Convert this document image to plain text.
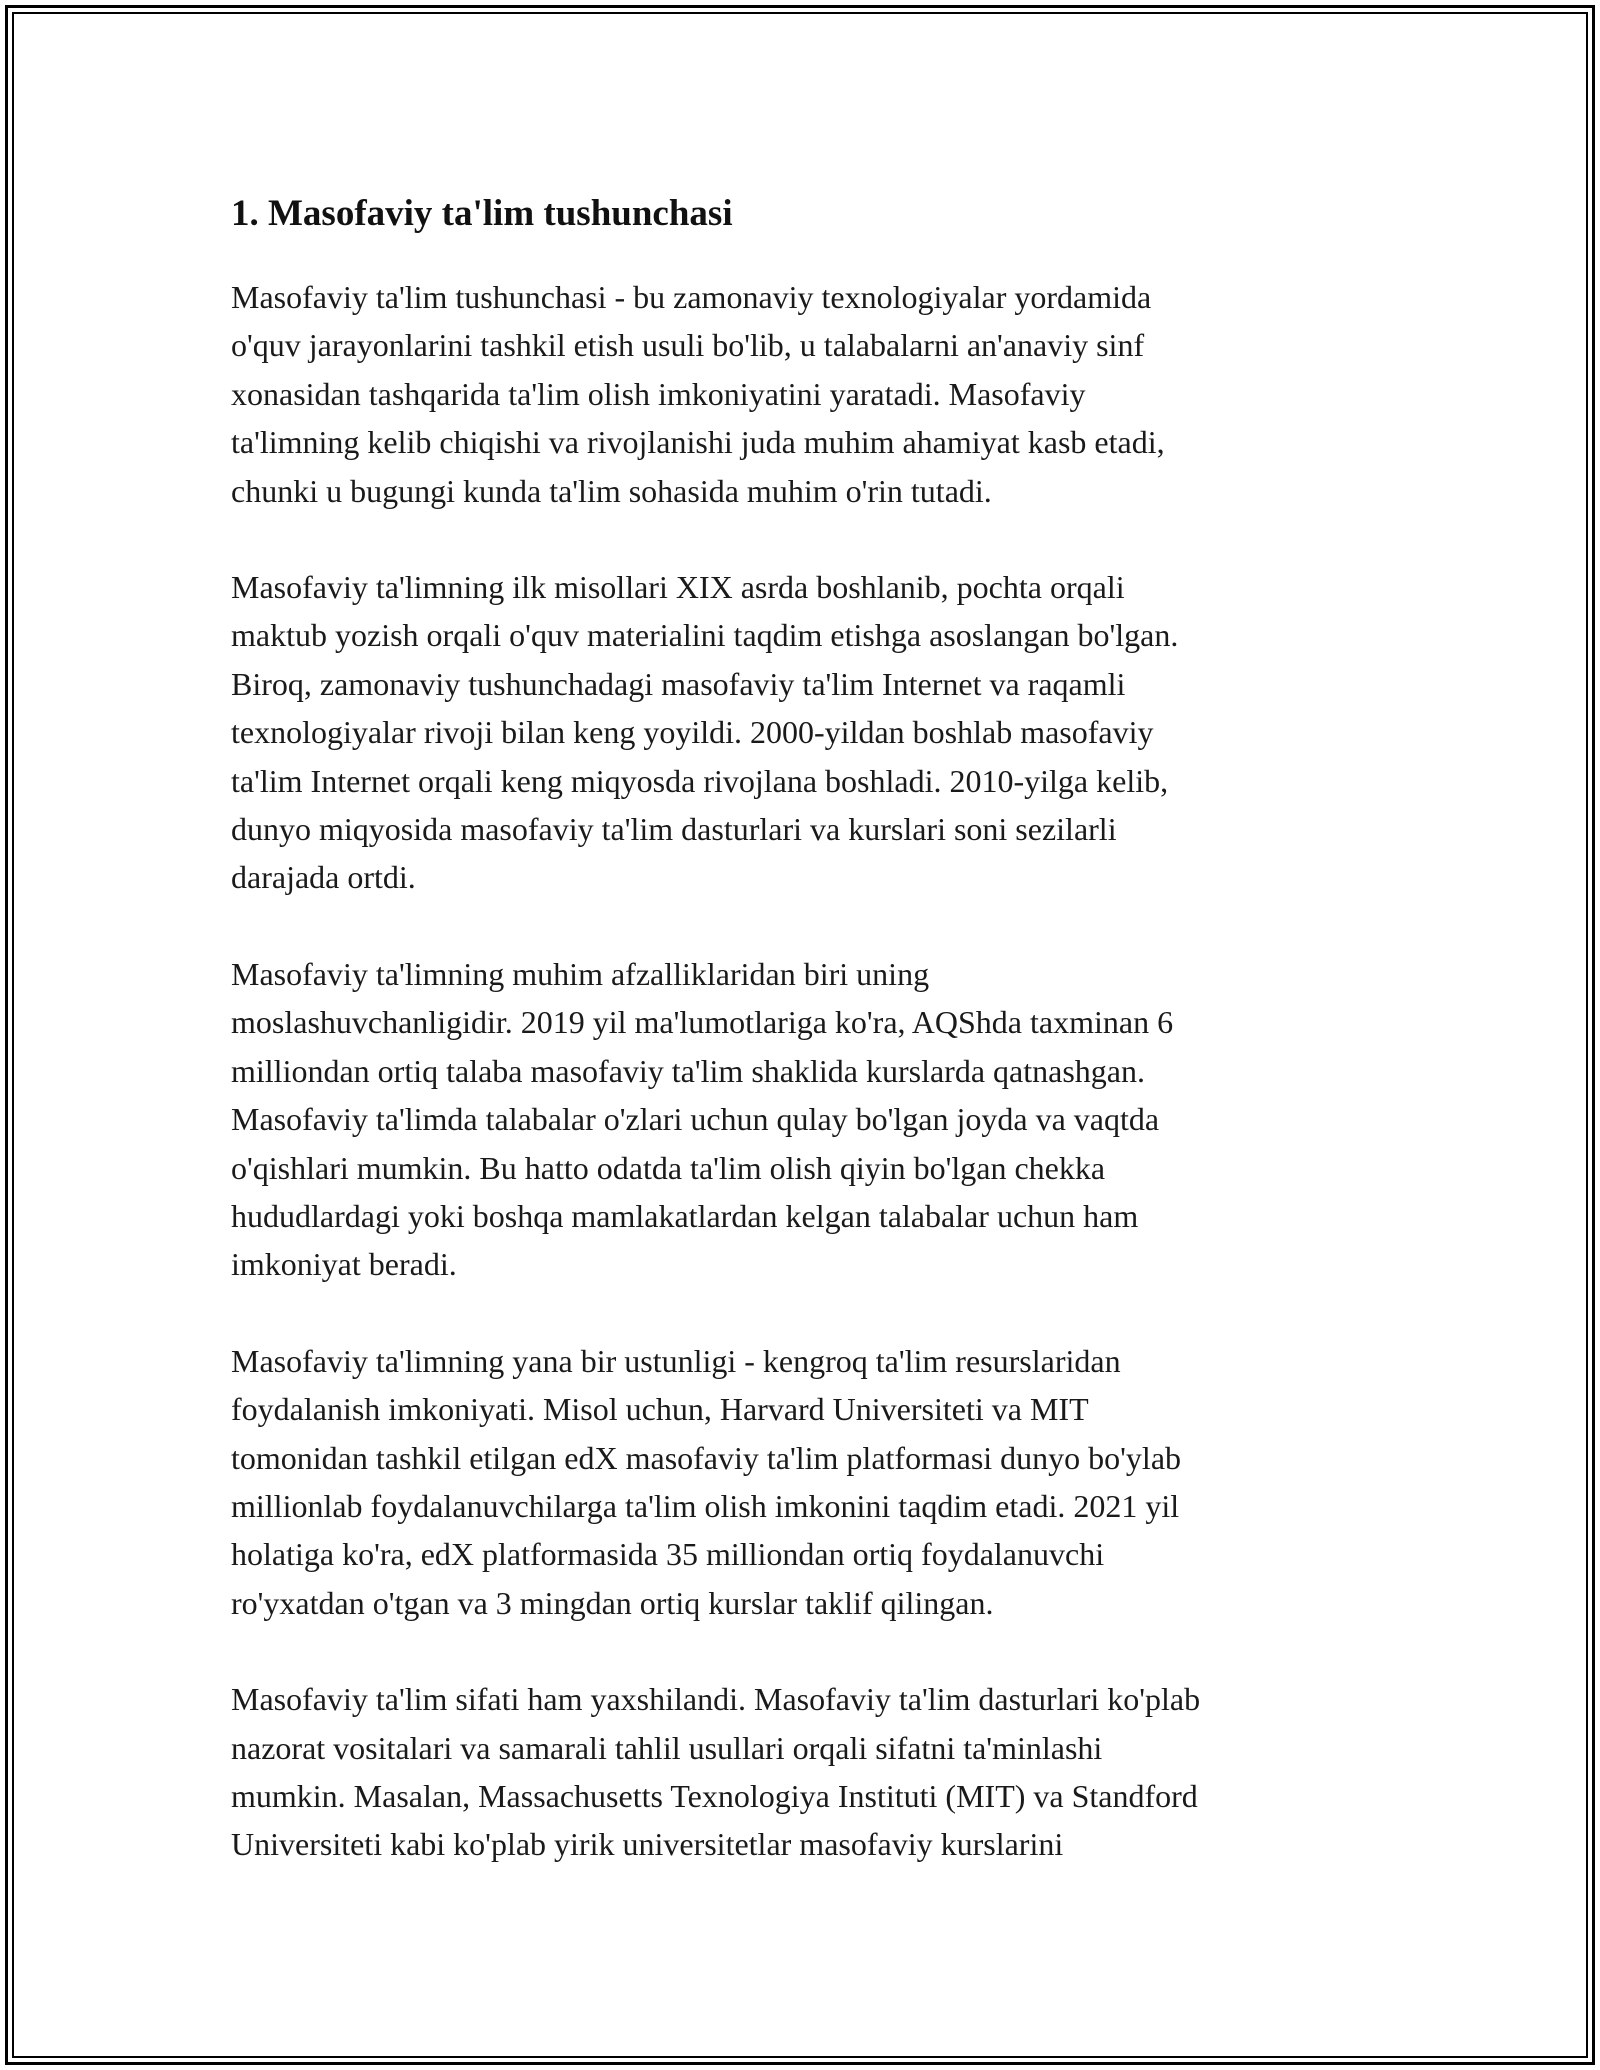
1. Masofaviy ta'lim tushunchasi

Masofaviy ta'lim tushunchasi - bu zamonaviy texnologiyalar yordamida
o'quv jarayonlarini tashkil etish usuli bo'lib, u talabalarni an'anaviy sinf
xonasidan tashqarida ta'lim olish imkoniyatini yaratadi. Masofaviy
ta'limning kelib chiqishi va rivojlanishi juda muhim ahamiyat kasb etadi,
chunki u bugungi kunda ta'lim sohasida muhim o'rin tutadi.

Masofaviy ta'limning ilk misollari XIX asrda boshlanib, pochta orqali
maktub yozish orqali o'quv materialini taqdim etishga asoslangan bo'lgan.
Biroq, zamonaviy tushunchadagi masofaviy ta'lim Internet va raqamli
texnologiyalar rivoji bilan keng yoyildi. 2000-yildan boshlab masofaviy
ta'lim Internet orqali keng miqyosda rivojlana boshladi. 2010-yilga kelib,
dunyo miqyosida masofaviy ta'lim dasturlari va kurslari soni sezilarli
darajada ortdi.

Masofaviy ta'limning muhim afzalliklaridan biri uning
moslashuvchanligidir. 2019 yil ma'lumotlariga ko'ra, AQShda taxminan 6
milliondan ortiq talaba masofaviy ta'lim shaklida kurslarda qatnashgan.
Masofaviy ta'limda talabalar o'zlari uchun qulay bo'lgan joyda va vaqtda
o'qishlari mumkin. Bu hatto odatda ta'lim olish qiyin bo'lgan chekka
hududlardagi yoki boshqa mamlakatlardan kelgan talabalar uchun ham
imkoniyat beradi.

Masofaviy ta'limning yana bir ustunligi - kengroq ta'lim resurslaridan
foydalanish imkoniyati. Misol uchun, Harvard Universiteti va MIT
tomonidan tashkil etilgan edX masofaviy ta'lim platformasi dunyo bo'ylab
millionlab foydalanuvchilarga ta'lim olish imkonini taqdim etadi. 2021 yil
holatiga ko'ra, edX platformasida 35 milliondan ortiq foydalanuvchi
ro'yxatdan o'tgan va 3 mingdan ortiq kurslar taklif qilingan.

Masofaviy ta'lim sifati ham yaxshilandi. Masofaviy ta'lim dasturlari ko'plab
nazorat vositalari va samarali tahlil usullari orqali sifatni ta'minlashi
mumkin. Masalan, Massachusetts Texnologiya Instituti (MIT) va Standford
Universiteti kabi ko'plab yirik universitetlar masofaviy kurslarini
